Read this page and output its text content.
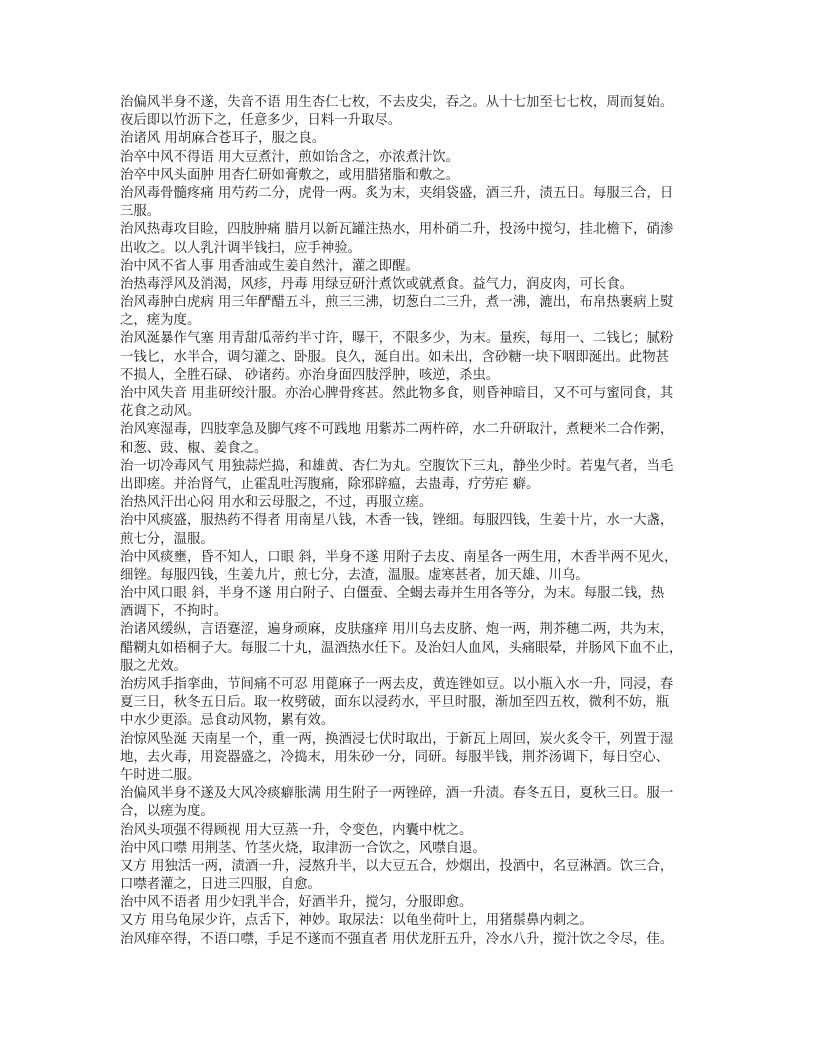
治偏风半身不遂，失音不语 用生杏仁七枚，不去皮尖，吞之。从十七加至七七枚，周而复始。
夜后即以竹沥下之，任意多少，日料一升取尽。
治诸风 用胡麻合苍耳子，服之良。
治卒中风不得语 用大豆煮汁，煎如饴含之，亦浓煮汁饮。
治卒中风头面肿 用杏仁研如膏敷之，或用腊猪脂和敷之。
治风毒骨髓疼痛 用芍药二分，虎骨一两。炙为末，夹绢袋盛，酒三升，渍五日。每服三合，日
三服。
治风热毒攻目睑，四肢肿痛 腊月以新瓦罐注热水，用朴硝二升，投汤中搅匀，挂北檐下，硝渗
出收之。以人乳汁调半钱扫，应手神验。
治中风不省人事 用香油或生姜自然汁，灌之即醒。
治热毒浮风及消渴，风疹，丹毒 用绿豆研汁煮饮或就煮食。益气力，润皮肉，可长食。
治风毒肿白虎病 用三年酽醋五斗，煎三三沸，切葱白二三升，煮一沸，漉出，布帛热裹病上熨
之，瘥为度。
治风涎暴作气塞 用青甜瓜蒂约半寸许，曝干，不限多少，为末。量疾，每用一、二钱匕；腻粉
一钱匕，水半合，调匀灌之、卧服。良久，涎自出。如未出，含砂糖一块下咽即涎出。此物甚
不损人，全胜石碌、 砂诸药。亦治身面四肢浮肿，咳逆，杀虫。
治中风失音 用韭研绞汁服。亦治心脾骨疼甚。然此物多食，则昏神暗目，又不可与蜜同食，其
花食之动风。
治风寒湿毒，四肢挛急及脚气疼不可践地 用紫苏二两杵碎，水二升研取汁，煮粳米二合作粥，
和葱、豉、椒、姜食之。
治一切冷毒风气 用独蒜烂捣，和雄黄、杏仁为丸。空腹饮下三丸，静坐少时。若鬼气者，当毛
出即瘥。并治肾气，止霍乱吐泻腹痛，除邪辟瘟，去蛊毒，疗劳疟 癖。
治热风汗出心闷 用水和云母服之，不过，再服立瘥。
治中风痰盛，服热药不得者 用南星八钱，木香一钱，锉细。每服四钱，生姜十片，水一大盏，
煎七分，温服。
治中风痰壅，昏不知人，口眼 斜，半身不遂 用附子去皮、南星各一两生用，木香半两不见火，
细锉。每服四钱，生姜九片，煎七分，去渣，温服。虚寒甚者，加天雄、川乌。
治中风口眼 斜，半身不遂 用白附子、白僵蚕、全蝎去毒并生用各等分，为末。每服二钱，热
酒调下，不拘时。
治诸风缓纵，言语蹇涩，遍身顽麻，皮肤瘙痒 用川乌去皮脐、炮一两，荆芥穗二两，共为末，
醋糊丸如梧桐子大。每服二十丸，温酒热水任下。及治妇人血风，头痛眼晕，并肠风下血不止，
服之尤效。
治疠风手指挛曲，节间痛不可忍 用蓖麻子一两去皮，黄连锉如豆。以小瓶入水一升，同浸，春
夏三日，秋冬五日后。取一枚劈破，面东以浸药水，平旦时服，渐加至四五枚，微利不妨，瓶
中水少更添。忌食动风物，累有效。
治惊风坠涎 天南星一个，重一两，换酒浸七伏时取出，于新瓦上周回，炭火炙令干，列置于湿
地，去火毒，用瓷器盛之，冷捣末，用朱砂一分，同研。每服半钱，荆芥汤调下，每日空心、
午时进二服。
治偏风半身不遂及大风冷痰癖胀满 用生附子一两锉碎，酒一升渍。春冬五日，夏秋三日。服一
合，以瘥为度。
治风头项强不得顾视 用大豆蒸一升，令变色，内囊中枕之。
治中风口噤 用荆茎、竹茎火烧，取津沥一合饮之，风噤自退。
又方 用独活一两，渍酒一升，浸熬升半，以大豆五合，炒烟出，投酒中，名豆淋酒。饮三合，
口噤者灌之，日进三四服，自愈。
治中风不语者 用少妇乳半合，好酒半升，搅匀，分服即愈。
又方 用乌龟尿少许，点舌下，神妙。取尿法：以龟坐荷叶上，用猪鬃鼻内刺之。
治风痱卒得，不语口噤，手足不遂而不强直者 用伏龙肝五升，冷水八升，搅汁饮之令尽，佳。
